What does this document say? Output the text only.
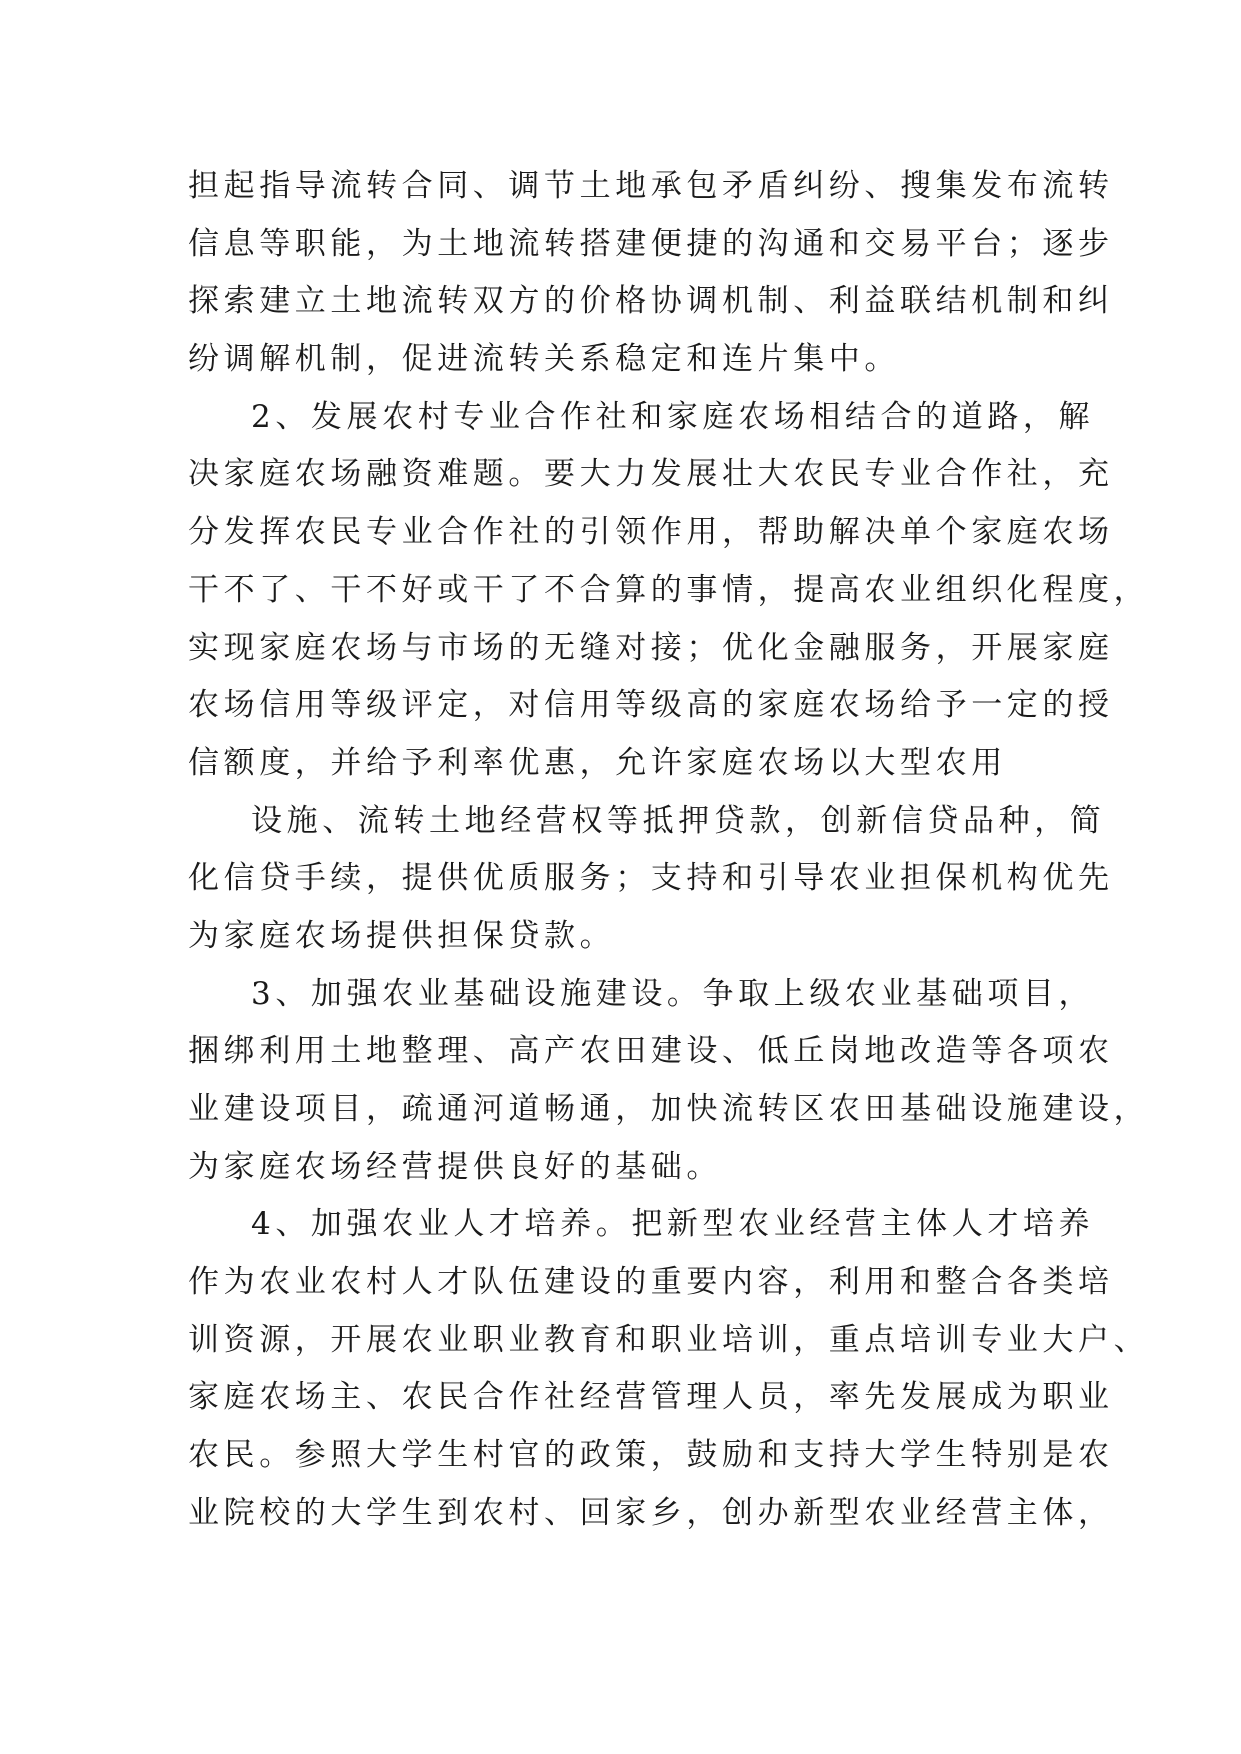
担起指导流转合同、调节土地承包矛盾纠纷、搜集发布流转
信息等职能，为土地流转搭建便捷的沟通和交易平台；逐步
探索建立土地流转双方的价格协调机制、利益联结机制和纠
纷调解机制，促进流转关系稳定和连片集中。
2、发展农村专业合作社和家庭农场相结合的道路，解
决家庭农场融资难题。要大力发展壮大农民专业合作社，充
分发挥农民专业合作社的引领作用，帮助解决单个家庭农场
干不了、干不好或干了不合算的事情，提高农业组织化程度，
实现家庭农场与市场的无缝对接；优化金融服务，开展家庭
农场信用等级评定，对信用等级高的家庭农场给予一定的授
信额度，并给予利率优惠，允许家庭农场以大型农用
设施、流转土地经营权等抵押贷款，创新信贷品种，简
化信贷手续，提供优质服务；支持和引导农业担保机构优先
为家庭农场提供担保贷款。
3、加强农业基础设施建设。争取上级农业基础项目，
捆绑利用土地整理、高产农田建设、低丘岗地改造等各项农
业建设项目，疏通河道畅通，加快流转区农田基础设施建设，
为家庭农场经营提供良好的基础。
4、加强农业人才培养。把新型农业经营主体人才培养
作为农业农村人才队伍建设的重要内容，利用和整合各类培
训资源，开展农业职业教育和职业培训，重点培训专业大户、
家庭农场主、农民合作社经营管理人员，率先发展成为职业
农民。参照大学生村官的政策，鼓励和支持大学生特别是农
业院校的大学生到农村、回家乡，创办新型农业经营主体，
